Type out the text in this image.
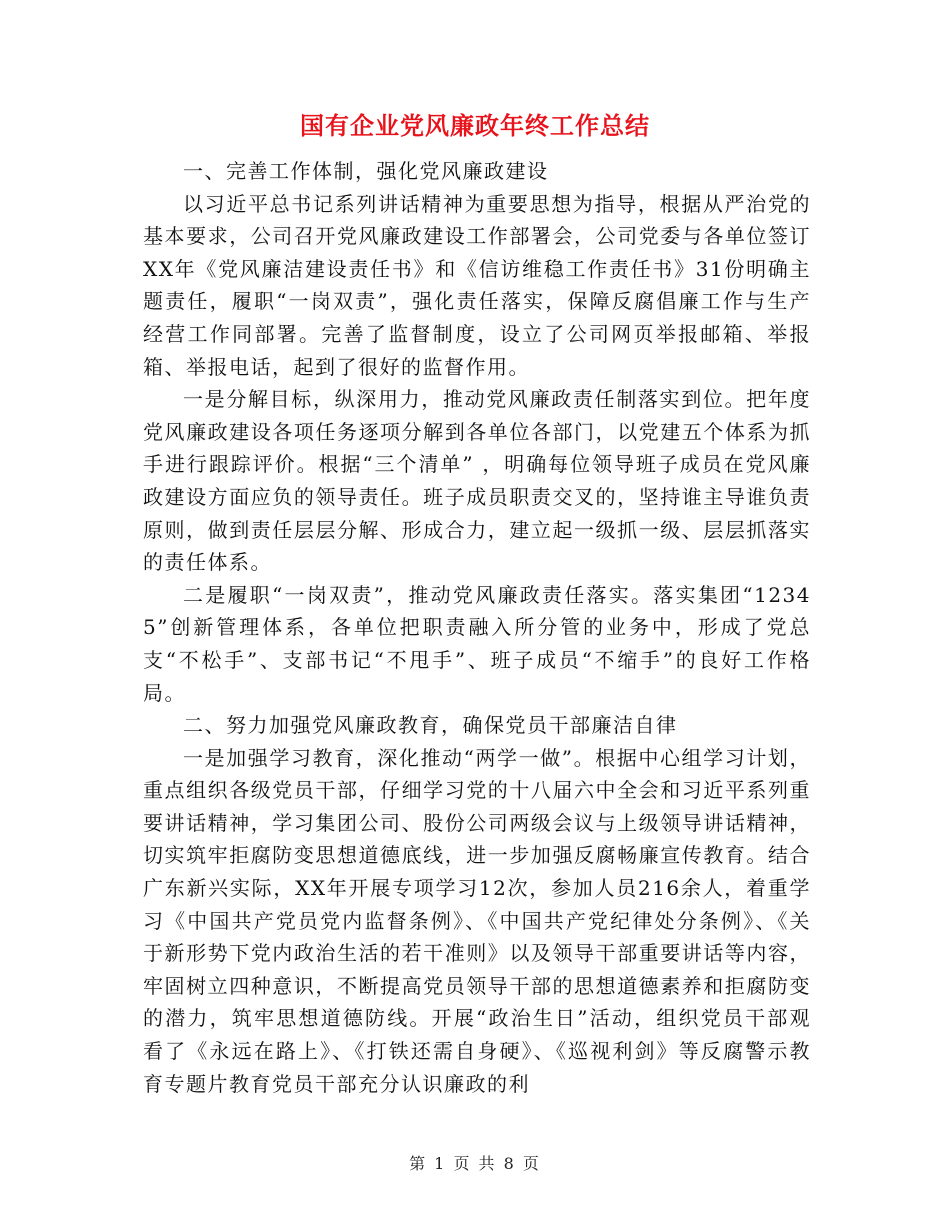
国有企业党风廉政年终工作总结

一、完善工作体制，强化党风廉政建设

以习近平总书记系列讲话精神为重要思想为指导，根据从严治党的基本要求，公司召开党风廉政建设工作部署会，公司党委与各单位签订XX年《党风廉洁建设责任书》和《信访维稳工作责任书》31份明确主题责任，履职“一岗双责”，强化责任落实，保障反腐倡廉工作与生产经营工作同部署。完善了监督制度，设立了公司网页举报邮箱、举报箱、举报电话，起到了很好的监督作用。

一是分解目标，纵深用力，推动党风廉政责任制落实到位。把年度党风廉政建设各项任务逐项分解到各单位各部门，以党建五个体系为抓手进行跟踪评价。根据“三个清单” ，明确每位领导班子成员在党风廉政建设方面应负的领导责任。班子成员职责交叉的，坚持谁主导谁负责原则，做到责任层层分解、形成合力，建立起一级抓一级、层层抓落实的责任体系。

二是履职“一岗双责”，推动党风廉政责任落实。落实集团“12345”创新管理体系，各单位把职责融入所分管的业务中，形成了党总支“不松手”、支部书记“不甩手”、班子成员“不缩手”的良好工作格局。

二、努力加强党风廉政教育，确保党员干部廉洁自律

一是加强学习教育，深化推动“两学一做”。根据中心组学习计划，重点组织各级党员干部，仔细学习党的十八届六中全会和习近平系列重要讲话精神，学习集团公司、股份公司两级会议与上级领导讲话精神，切实筑牢拒腐防变思想道德底线，进一步加强反腐畅廉宣传教育。结合广东新兴实际，XX年开展专项学习12次，参加人员216余人，着重学习《中国共产党员党内监督条例》、《中国共产党纪律处分条例》、《关于新形势下党内政治生活的若干准则》以及领导干部重要讲话等内容，牢固树立四种意识，不断提高党员领导干部的思想道德素养和拒腐防变的潜力，筑牢思想道德防线。开展“政治生日”活动，组织党员干部观看了《永远在路上》、《打铁还需自身硬》、《巡视利剑》等反腐警示教育专题片教育党员干部充分认识廉政的利

第 1 页 共 8 页
